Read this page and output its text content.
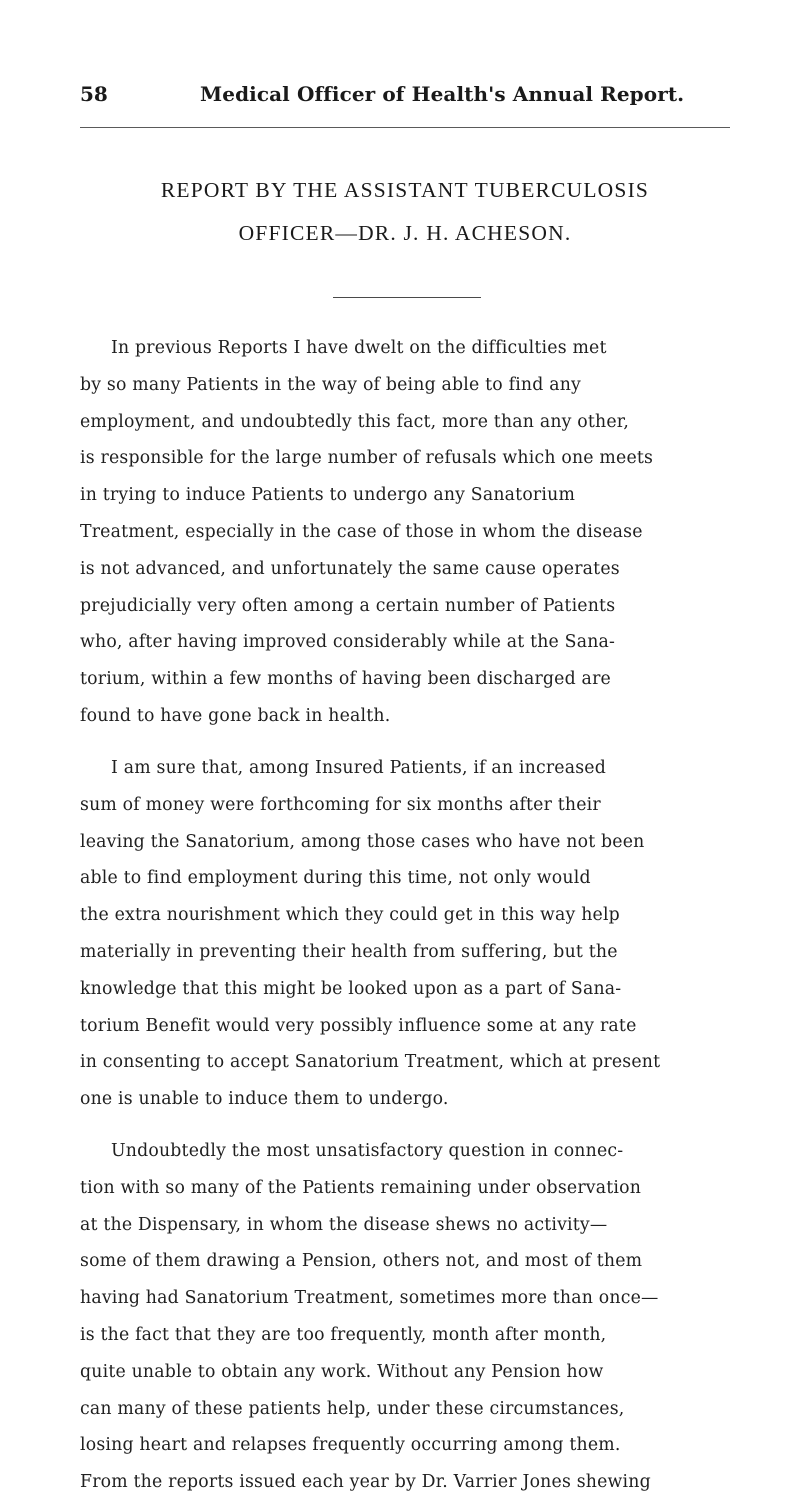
58	Medical Officer of Health's Annual Report.
REPORT BY THE ASSISTANT TUBERCULOSIS
OFFICER—DR. J. H. ACHESON.
In previous Reports I have dwelt on the difficulties met
by so many Patients in the way of being able to find any
employment, and undoubtedly this fact, more than any other,
is responsible for the large number of refusals which one meets
in trying to induce Patients to undergo any Sanatorium
Treatment, especially in the case of those in whom the disease
is not advanced, and unfortunately the same cause operates
prejudicially very often among a certain number of Patients
who, after having improved considerably while at the Sana-
torium, within a few months of having been discharged are
found to have gone back in health.
I am sure that, among Insured Patients, if an increased
sum of money were forthcoming for six months after their
leaving the Sanatorium, among those cases who have not been
able to find employment during this time, not only would
the extra nourishment which they could get in this way help
materially in preventing their health from suffering, but the
knowledge that this might be looked upon as a part of Sana-
torium Benefit would very possibly influence some at any rate
in consenting to accept Sanatorium Treatment, which at present
one is unable to induce them to undergo.
Undoubtedly the most unsatisfactory question in connec-
tion with so many of the Patients remaining under observation
at the Dispensary, in whom the disease shews no activity—
some of them drawing a Pension, others not, and most of them
having had Sanatorium Treatment, sometimes more than once—
is the fact that they are too frequently, month after month,
quite unable to obtain any work. Without any Pension how
can many of these patients help, under these circumstances,
losing heart and relapses frequently occurring among them.
From the reports issued each year by Dr. Varrier Jones shewing
